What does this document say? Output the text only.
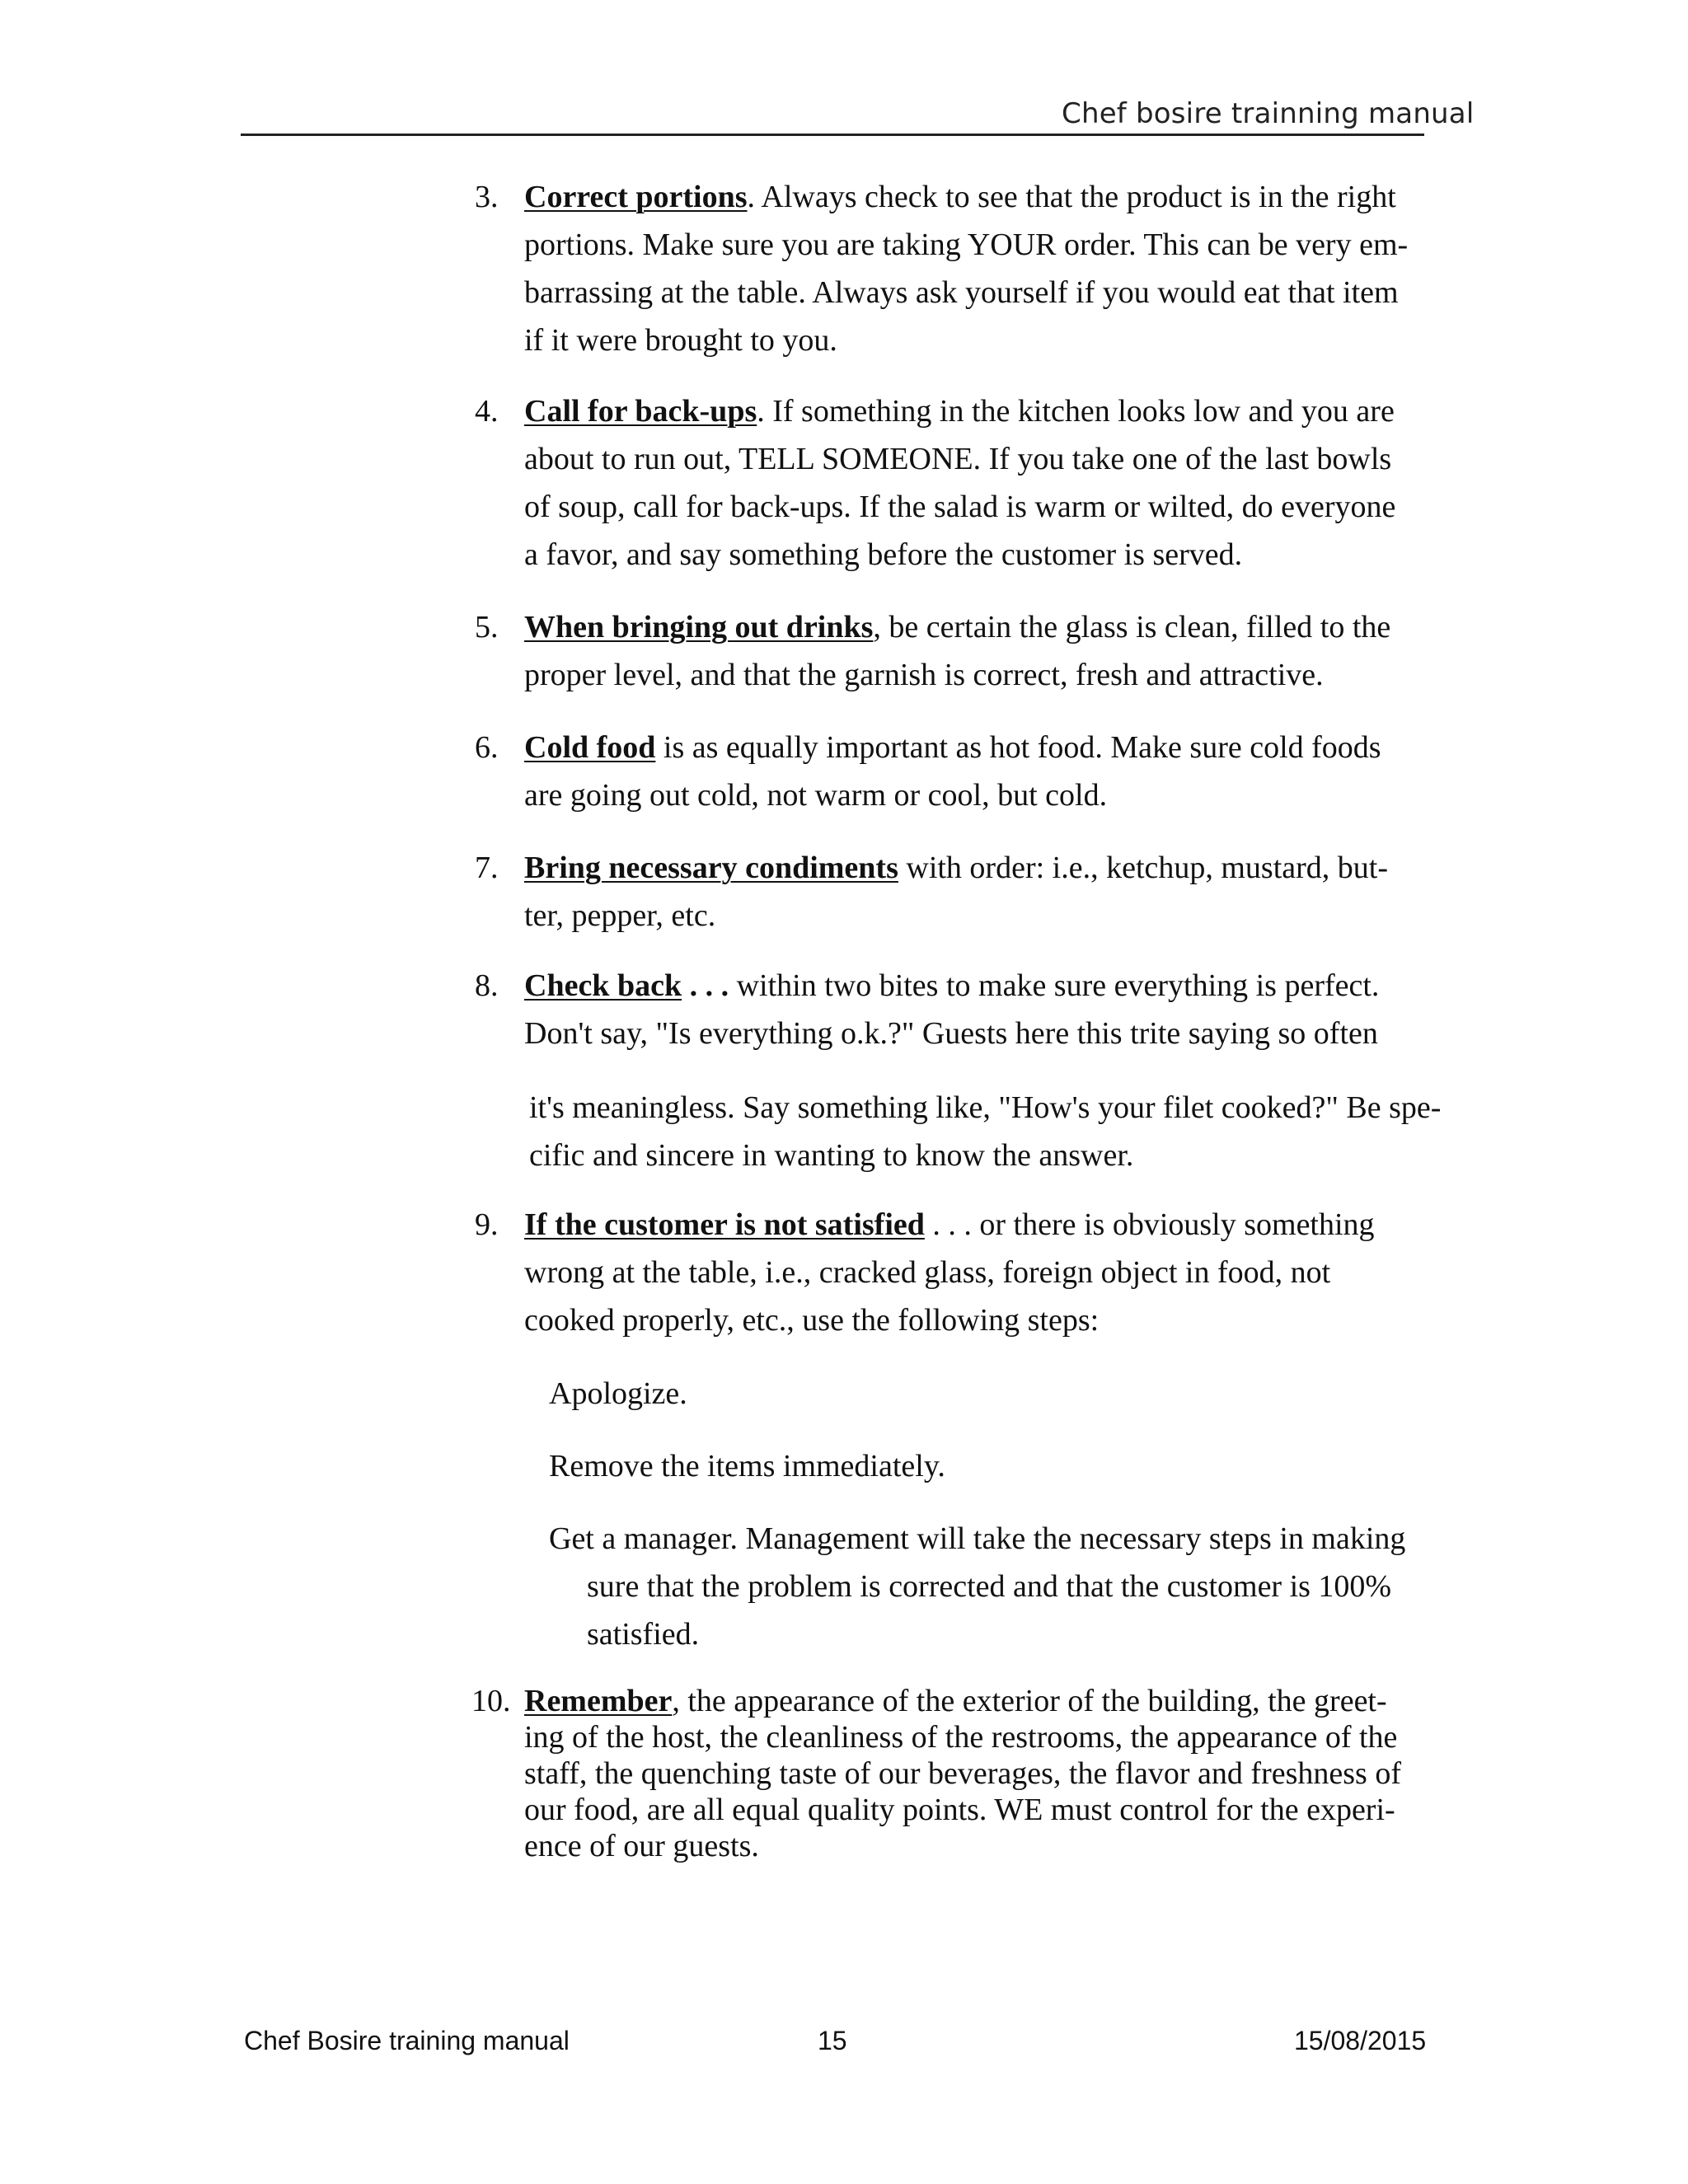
Chef bosire trainning manual
3. Correct portions. Always check to see that the product is in the right
portions. Make sure you are taking YOUR order. This can be very em-
barrassing at the table. Always ask yourself if you would eat that item
if it were brought to you.
4. Call for back-ups. If something in the kitchen looks low and you are
about to run out, TELL SOMEONE. If you take one of the last bowls
of soup, call for back-ups. If the salad is warm or wilted, do everyone
a favor, and say something before the customer is served.
5. When bringing out drinks, be certain the glass is clean, filled to the
proper level, and that the garnish is correct, fresh and attractive.
6. Cold food is as equally important as hot food. Make sure cold foods
are going out cold, not warm or cool, but cold.
7. Bring necessary condiments with order: i.e., ketchup, mustard, but-
ter, pepper, etc.
8. Check back . . . within two bites to make sure everything is perfect.
Don't say, "Is everything o.k.?" Guests here this trite saying so often
it's meaningless. Say something like, "How's your filet cooked?" Be spe-
cific and sincere in wanting to know the answer.
9. If the customer is not satisfied . . . or there is obviously something
wrong at the table, i.e., cracked glass, foreign object in food, not
cooked properly, etc., use the following steps:
Apologize.
Remove the items immediately.
Get a manager. Management will take the necessary steps in making
sure that the problem is corrected and that the customer is 100%
satisfied.
10. Remember, the appearance of the exterior of the building, the greet-
ing of the host, the cleanliness of the restrooms, the appearance of the
staff, the quenching taste of our beverages, the flavor and freshness of
our food, are all equal quality points. WE must control for the experi-
ence of our guests.
Chef Bosire training manual	15	15/08/2015
